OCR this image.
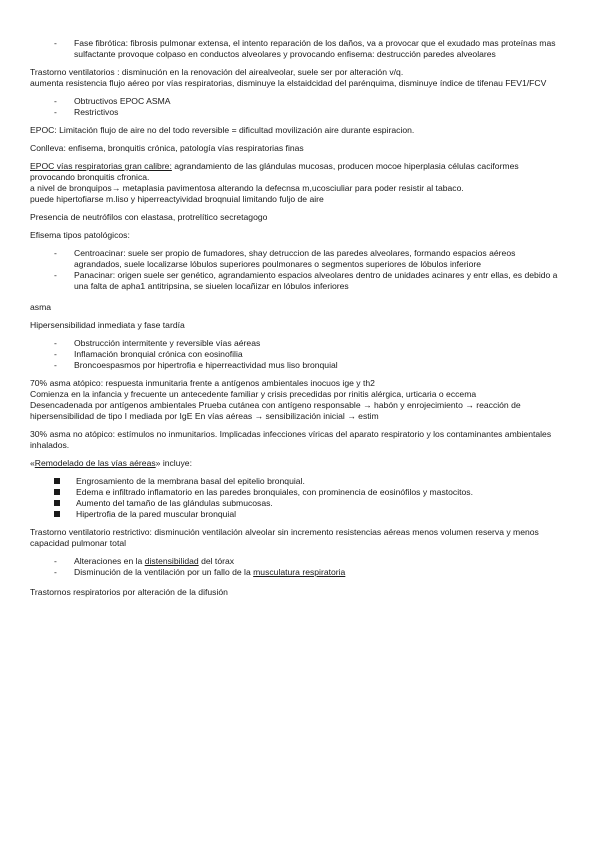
-	Fase fibrótica: fibrosis pulmonar extensa, el intento reparación de los daños, va a provocar que el exudado mas proteínas mas sulfactante provoque colpaso en conductos alveolares y provocando enfisema: destrucción paredes alveolares

Trastorno ventilatorios : disminución en la renovación del airealveolar, suele ser por alteración v/q.
aumenta resistencia flujo aéreo por vías respiratorias, disminuye la elstaidcidad del parénquima, disminuye índice de tifenau FEV1/FCV

-	Obtructivos EPOC ASMA
-	Restrictivos

EPOC: Limitación flujo de aire no del todo reversible = dificultad movilización aire durante espiracion.

Conlleva: enfisema, bronquitis crónica, patología vías respiratorias finas

EPOC vías respiratorias gran calibre: agrandamiento de las glándulas mucosas, producen mocoe hiperplasia células caciformes provocando bronquitis cfronica.
a nivel de bronquipos→ metaplasia pavimentosa alterando la defecnsa m,ucosciuliar para poder resistir al tabaco.
puede hipertofiarse m.liso y hiperreactyividad broqnuial limitando fuljo de aire

Presencia de neutrófilos con elastasa, protrelítico secretagogo

Efisema tipos patológicos:

-	Centroacinar: suele ser propio de fumadores, shay detruccion de las paredes alveolares, formando espacios aéreos agrandados, suele localizarse lóbulos superiores poulmonares o segmentos superiores de lóbulos inferiore
-	Panacinar: origen suele ser genético, agrandamiento espacios alveolares dentro de unidades acinares y entr ellas, es debido a una falta de apha1 antitripsina, se siuelen locañizar en lóbulos inferiores

asma

Hipersensibilidad inmediata y fase tardía

-	Obstrucción intermitente y reversible vías aéreas
-	Inflamación bronquial crónica con eosinofilia
-	Broncoespasmos por hipertrofia e hiperreactividad mus liso bronquial

70% asma atópico: respuesta inmunitaria frente a antígenos ambientales inocuos ige y th2
Comienza en la infancia y frecuente un antecedente familiar y crisis precedidas por rinitis alérgica, urticaria o eccema
Desencadenada por antígenos ambientales Prueba cutánea con antígeno responsable → habón y enrojecimiento → reacción de hipersensibilidad de tipo I mediada por IgE En vías aéreas → sensibilización inicial → estim

30% asma no atópico: estímulos no inmunitarios. Implicadas infecciones víricas del aparato respiratorio y los contaminantes ambientales inhalados.

«Remodelado de las vías aéreas» incluye:

Engrosamiento de la membrana basal del epitelio bronquial.
Edema e infiltrado inflamatorio en las paredes bronquiales, con prominencia de eosinófilos y mastocitos.
Aumento del tamaño de las glándulas submucosas.
Hipertrofia de la pared muscular bronquial

Trastorno ventilatorio restrictivo: disminución ventilación alveolar sin incremento resistencias aéreas menos volumen reserva y menos capacidad pulmonar total

-	Alteraciones en la distensibilidad del tórax
-	Disminución de la ventilación por un fallo de la musculatura respiratoria

Trastornos respiratorios por alteración de la difusión
